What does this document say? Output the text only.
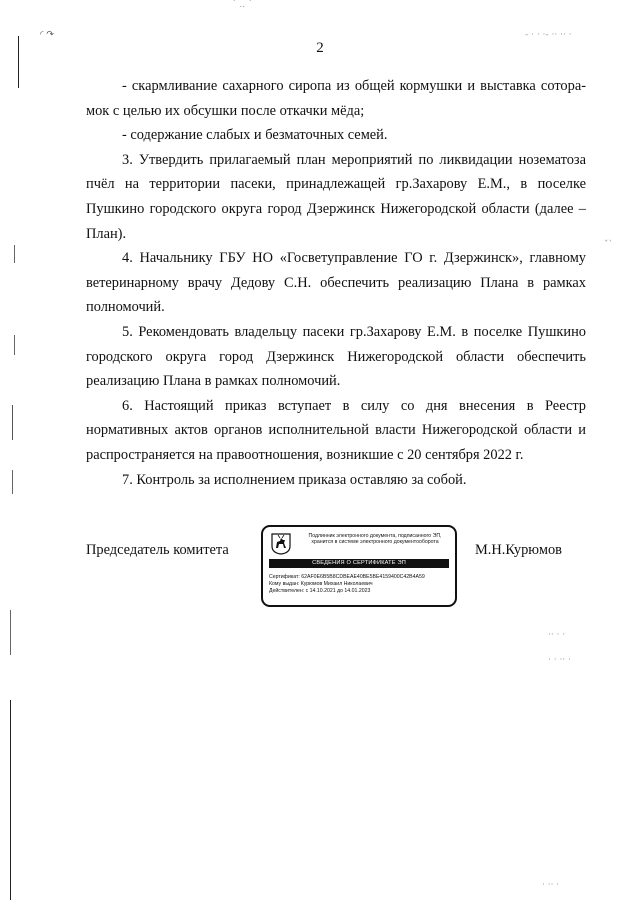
◜ ↷
˙ .. ˙
- · · ·- ·· ·· ·
ˇˋ
·· · ·
· · ·· ·
· ·· ·
2

- скармливание сахарного сиропа из общей кормушки и выставка соторамок с целью их обсушки после откачки мёда;

- содержание слабых и безматочных семей.

3. Утвердить прилагаемый план мероприятий по ликвидации нозематоза пчёл на территории пасеки, принадлежащей гр.Захарову Е.М., в поселке Пушкино городского округа город Дзержинск Нижегородской области (далее – План).

4. Начальнику ГБУ НО «Госветуправление ГО г. Дзержинск», главному ветеринарному врачу Дедову С.Н. обеспечить реализацию Плана в рамках полномочий.

5. Рекомендовать владельцу пасеки гр.Захарову Е.М. в поселке Пушкино городского округа город Дзержинск Нижегородской области обеспечить реализацию Плана в рамках полномочий.

6. Настоящий приказ вступает в силу со дня внесения в Реестр нормативных актов органов исполнительной власти Нижегородской области и распространяется на правоотношения, возникшие с 20 сентября 2022 г.

7. Контроль за исполнением приказа оставляю за собой.

Председатель комитета	М.Н.Курюмов
Подлинник электронного документа, подписанного ЭП, хранится в системе электронного документооборота
СВЕДЕНИЯ О СЕРТИФИКАТЕ ЭП
Сертификат: 62AF0E6B5B8CDBEAE40BE5BE4159400C42B4A59
Кому выдан: Курюмов Михаил Николаевич
Действителен: с 14.10.2021 до 14.01.2023
